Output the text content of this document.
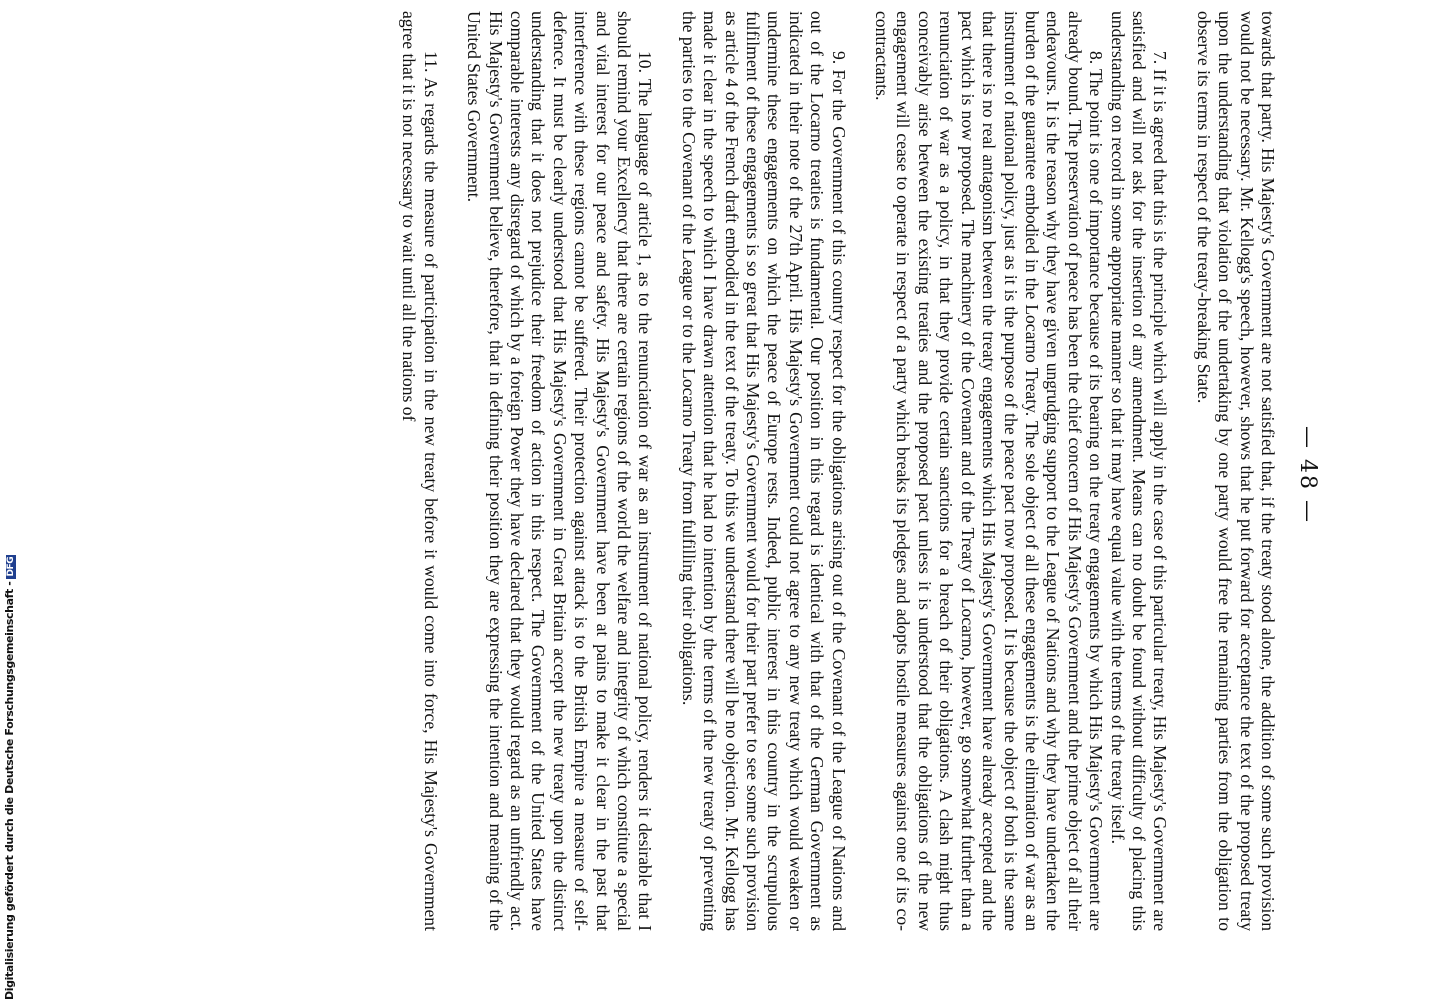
— 48 —

towards that party. His Majesty's Government are not satisfied that, if the treaty stood alone, the addition of some such provision would not be necessary. Mr. Kellogg's speech, however, shows that he put forward for acceptance the text of the proposed treaty upon the understanding that violation of the undertaking by one party would free the remaining parties from the obligation to observe its terms in respect of the treaty-breaking State.

7. If it is agreed that this is the principle which will apply in the case of this particular treaty, His Majesty's Government are satisfied and will not ask for the insertion of any amendment. Means can no doubt be found without difficulty of placing this understanding on record in some appropriate manner so that it may have equal value with the terms of the treaty itself.

8. The point is one of importance because of its bearing on the treaty engagements by which His Majesty's Government are already bound. The preservation of peace has been the chief concern of His Majesty's Government and the prime object of all their endeavours. It is the reason why they have given ungrudging support to the League of Nations and why they have undertaken the burden of the guarantee embodied in the Locarno Treaty. The sole object of all these engagements is the elimination of war as an instrument of national policy, just as it is the purpose of the peace pact now proposed. It is because the object of both is the same that there is no real antagonism between the treaty engagements which His Majesty's Government have already accepted and the pact which is now proposed. The machinery of the Covenant and of the Treaty of Locarno, however, go somewhat further than a renunciation of war as a policy, in that they provide certain sanctions for a breach of their obligations. A clash might thus conceivably arise between the existing treaties and the proposed pact unless it is understood that the obligations of the new engagement will cease to operate in respect of a party which breaks its pledges and adopts hostile measures against one of its co-contractants.

9. For the Government of this country respect for the obligations arising out of the Covenant of the League of Nations and out of the Locarno treaties is fundamental. Our position in this regard is identical with that of the German Government as indicated in their note of the 27th April. His Majesty's Government could not agree to any new treaty which would weaken or undermine these engagements on which the peace of Europe rests. Indeed, public interest in this country in the scrupulous fulfilment of these engagements is so great that His Majesty's Government would for their part prefer to see some such provision as article 4 of the French draft embodied in the text of the treaty. To this we understand there will be no objection. Mr. Kellogg has made it clear in the speech to which I have drawn attention that he had no intention by the terms of the new treaty of preventing the parties to the Covenant of the League or to the Locarno Treaty from fulfilling their obligations.

10. The language of article 1, as to the renunciation of war as an instrument of national policy, renders it desirable that I should remind your Excellency that there are certain regions of the world the welfare and integrity of which constitute a special and vital interest for our peace and safety. His Majesty's Government have been at pains to make it clear in the past that interference with these regions cannot be suffered. Their protection against attack is to the British Empire a measure of self-defence. It must be clearly understood that His Majesty's Government in Great Britain accept the new treaty upon the distinct understanding that it does not prejudice their freedom of action in this respect. The Government of the United States have comparable interests any disregard of which by a foreign Power they have declared that they would regard as an unfriendly act. His Majesty's Government believe, therefore, that in defining their position they are expressing the intention and meaning of the United States Government.

11. As regards the measure of participation in the new treaty before it would come into force, His Majesty's Government agree that it is not necessary to wait until all the nations of

Digitalisierung gefördert durch die Deutsche Forschungsgemeinschaft -DFG
